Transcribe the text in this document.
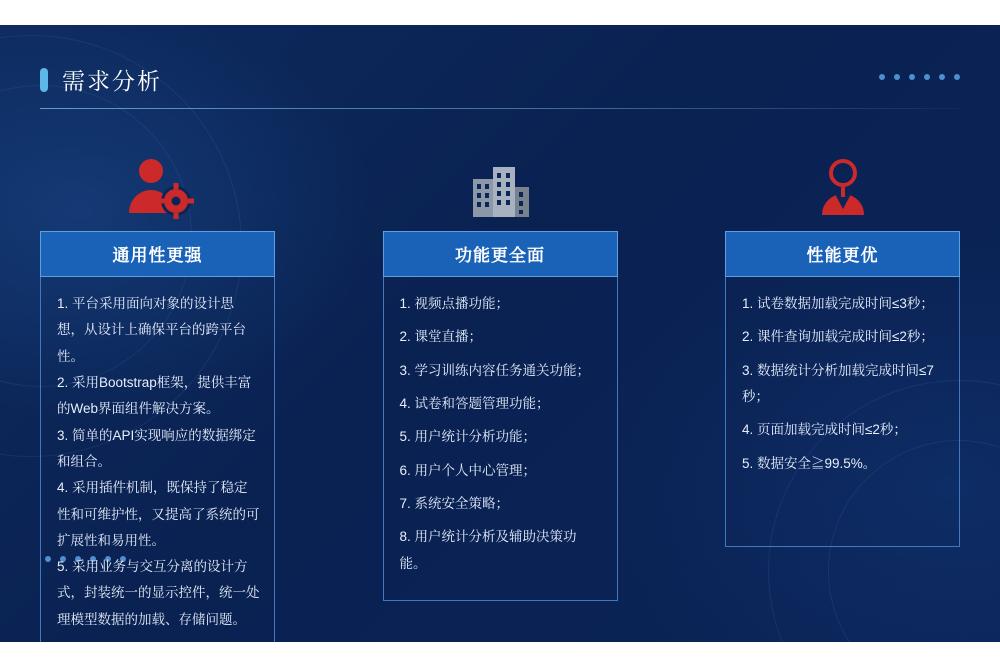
需求分析
通用性更强

1. 平台采用面向对象的设计思想，从设计上确保平台的跨平台性。

2. 采用Bootstrap框架，提供丰富的Web界面组件解决方案。

3. 简单的API实现响应的数据绑定和组合。

4. 采用插件机制，既保持了稳定性和可维护性，又提高了系统的可扩展性和易用性。

5. 采用业务与交互分离的设计方式，封装统一的显示控件，统一处理模型数据的加载、存储问题。

功能更全面

1. 视频点播功能；

2. 课堂直播；

3. 学习训练内容任务通关功能；

4. 试卷和答题管理功能；

5. 用户统计分析功能；

6. 用户个人中心管理；

7. 系统安全策略；

8. 用户统计分析及辅助决策功能。

性能更优

1. 试卷数据加载完成时间≤3秒；

2. 课件查询加载完成时间≤2秒；

3. 数据统计分析加载完成时间≤7秒；

4. 页面加载完成时间≤2秒；

5. 数据安全≧99.5%。
